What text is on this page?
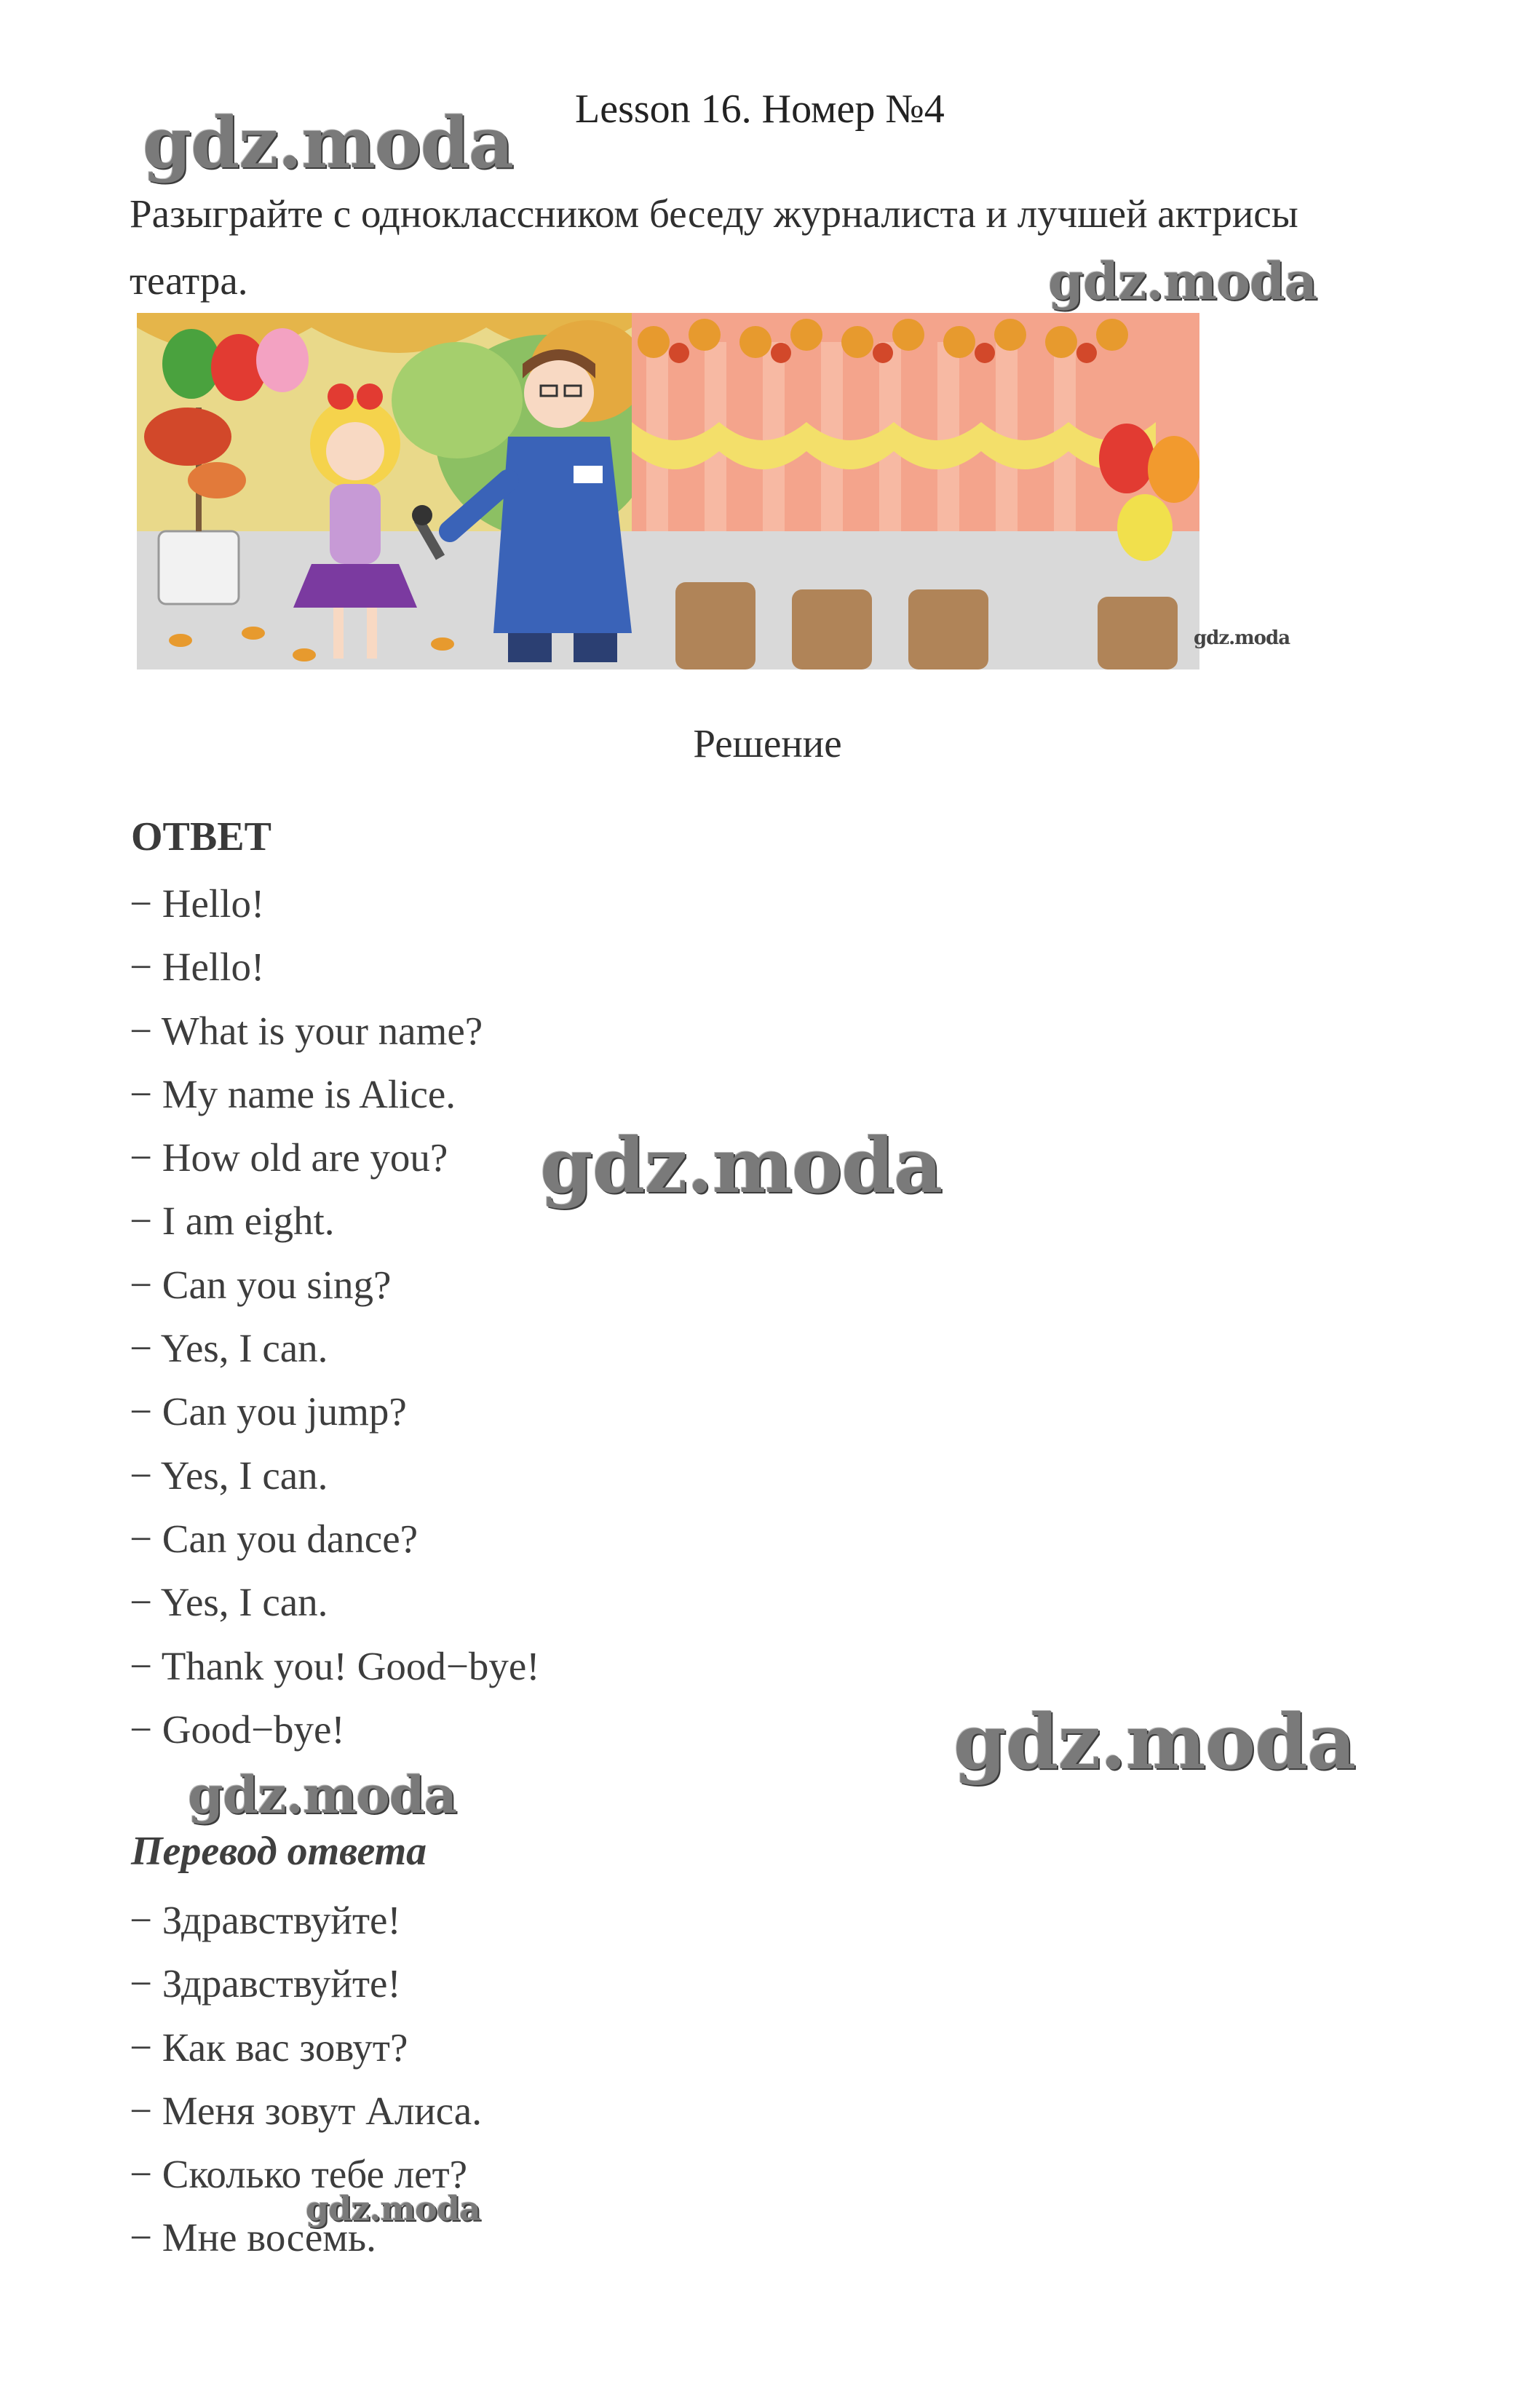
Lesson 16. Номер №4
Разыграйте с одноклассником беседу журналиста и лучшей актрисы театра.
gdz.moda
Решение
ОТВЕТ
− Hello!
− Hello!
− What is your name?
− My name is Alice.
− How old are you?
− I am eight.
− Can you sing?
− Yes, I can.
− Can you jump?
− Yes, I can.
− Can you dance?
− Yes, I can.
− Thank you! Good−bye!
− Good−bye!
Перевод ответа
− Здравствуйте!
− Здравствуйте!
− Как вас зовут?
− Меня зовут Алиса.
− Сколько тебе лет?
− Мне восемь.
gdz.moda
gdz.moda
gdz.moda
gdz.moda
gdz.moda
gdz.moda
